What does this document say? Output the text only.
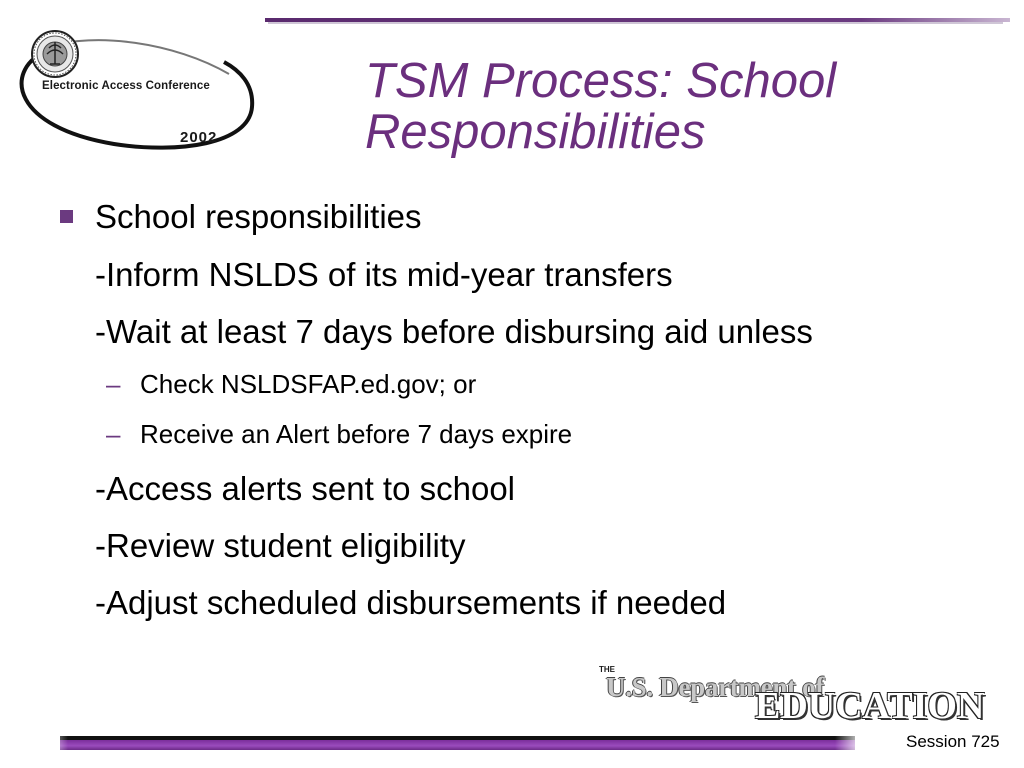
Electronic Access Conference
2002
TSM Process: School
Responsibilities
School responsibilities
-Inform NSLDS of its mid-year transfers
-Wait at least 7 days before disbursing aid unless
– Check NSLDSFAP.ed.gov; or
– Receive an Alert before 7 days expire
-Access alerts sent to school
-Review student eligibility
-Adjust scheduled disbursements if needed
THE
U.S. Department of
EDUCATION
Session 725
